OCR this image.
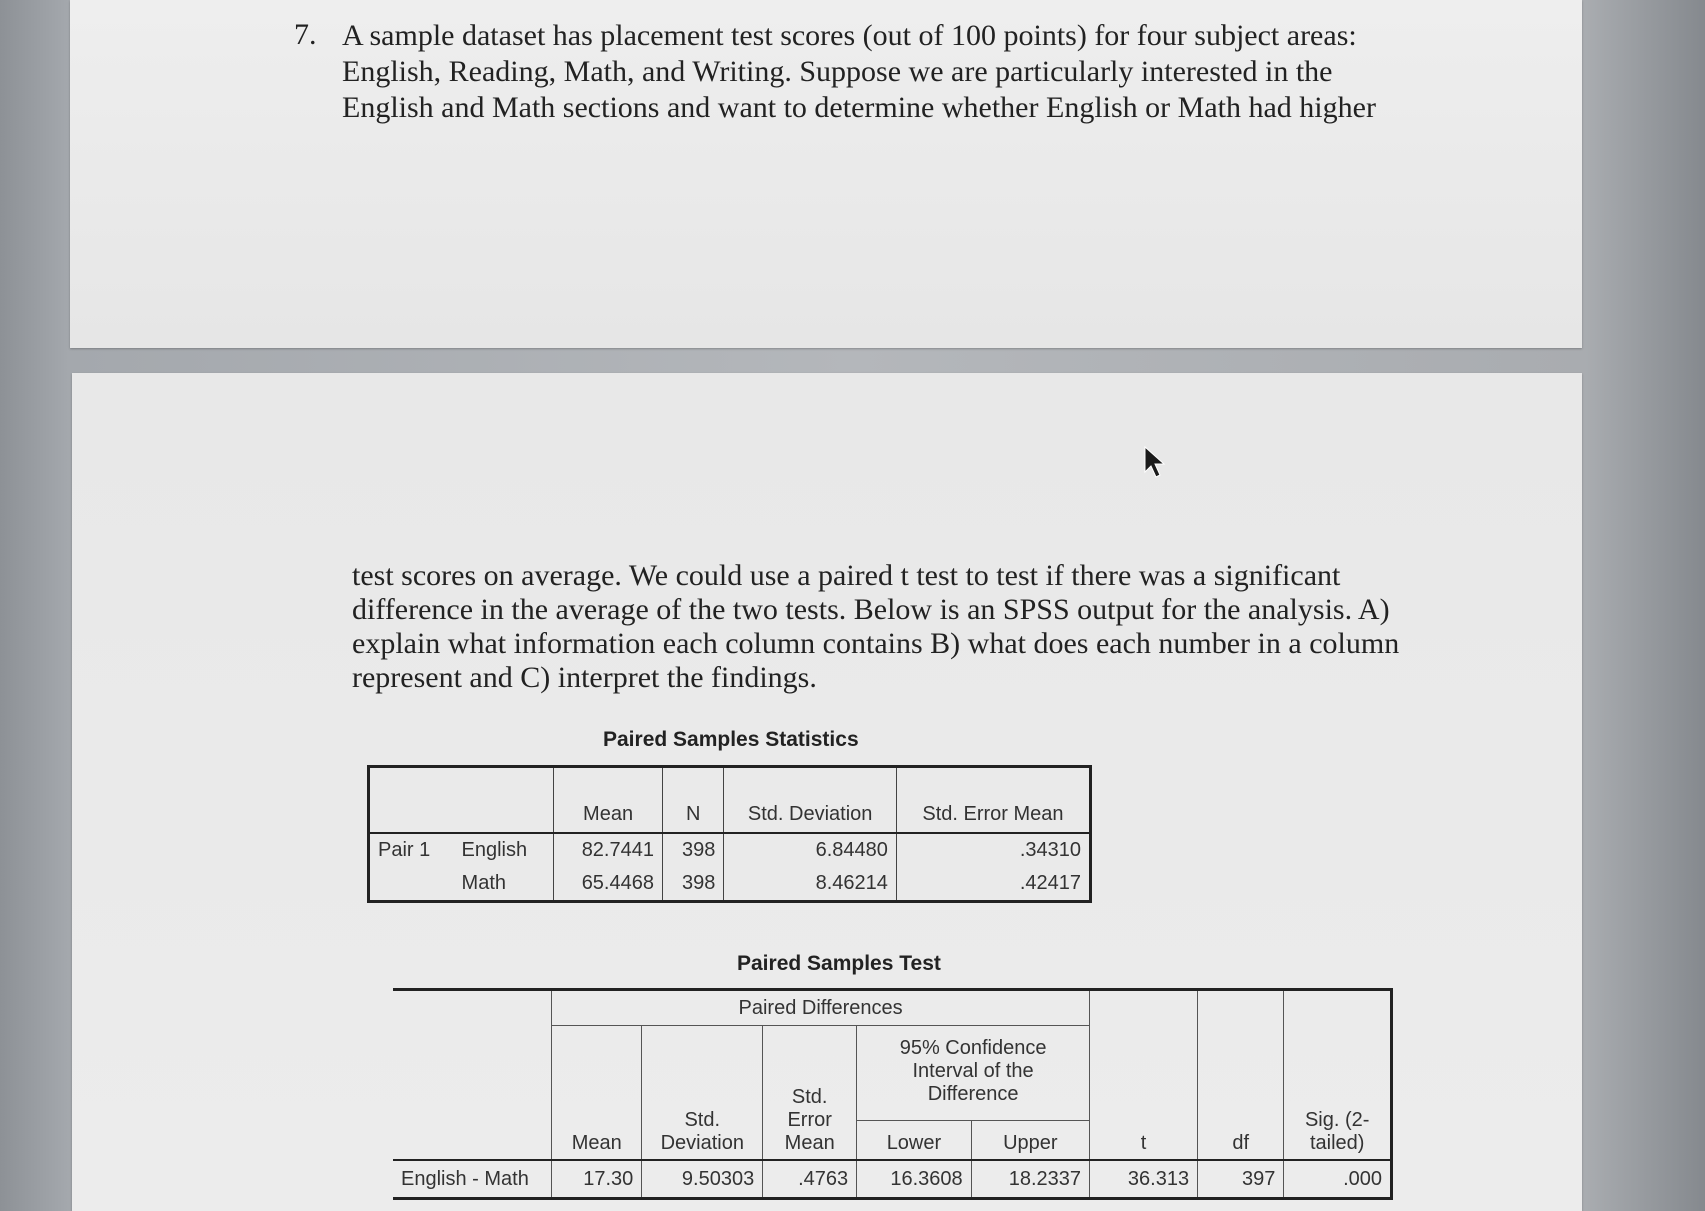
7. A sample dataset has placement test scores (out of 100 points) for four subject areas: English, Reading, Math, and Writing. Suppose we are particularly interested in the English and Math sections and want to determine whether English or Math had higher
test scores on average. We could use a paired t test to test if there was a significant difference in the average of the two tests. Below is an SPSS output for the analysis. A) explain what information each column contains B) what does each number in a column represent and C) interpret the findings.
Paired Samples Statistics
		Mean	N	Std. Deviation	Std. Error Mean
Pair 1	English	82.7441	398	6.84480	.34310
	Math	65.4468	398	8.46214	.42417
Paired Samples Test
	Paired Differences					t	df	Sig. (2-tailed)
	Mean	Std. Deviation	Std. Error Mean	95% Confidence Interval of the Difference				
				Lower	Upper			
English - Math	17.30	9.50303	.4763	16.3608	18.2337	36.313	397	.000
